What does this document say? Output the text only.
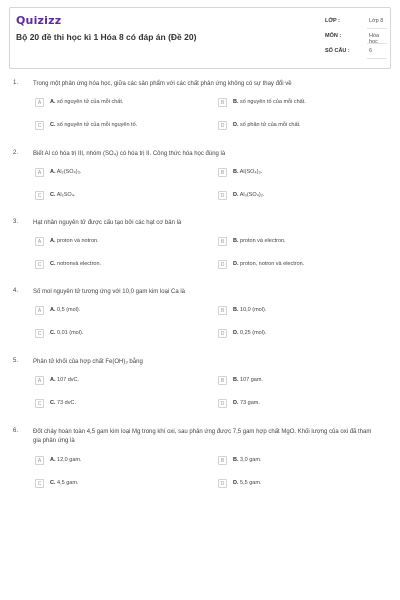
Quizizz
Bộ 20 đề thi học kì 1 Hóa 8 có đáp án (Đề 20)
LỚP :	Lớp 8
MÔN :	Hóa học
SỐ CÂU :	6
1. Trong một phản ứng hóa học, giữa các sản phẩm với các chất phản ứng không có sự thay đổi về
A	A. số nguyên tử của mỗi chất.	B	B. số nguyên tố của mỗi chất.
C	C. số nguyên tử của mỗi nguyên tố.	D	D. số phân tử của mỗi chất.
2. Biết Al có hóa trị III, nhóm (SO₄) có hóa trị II. Công thức hóa học đúng là
A	A. Al₂(SO₄)₃.	B	B. Al(SO₄)₃.
C	C. Al₂SO₄.	D	D. Al₃(SO₄)₂.
3. Hạt nhân nguyên tử được cấu tạo bởi các hạt cơ bản là
A	A. proton và notron.	B	B. proton và electron.
C	C. notronvà electron.	D	D. proton, notron và electron.
4. Số mol nguyên tử tương ứng với 10,0 gam kim loại Ca là
A	A. 0,5 (mol).	B	B. 10,0 (mol).
C	C. 0,01 (mol).	D	D. 0,25 (mol).
5. Phân tử khối của hợp chất Fe(OH)₃ bằng
A	A. 107 dvC.	B	B. 107 gam.
C	C. 73 dvC.	D	D. 73 gam.
6. Đốt cháy hoàn toàn 4,5 gam kim loại Mg trong khí oxi, sau phản ứng được 7,5 gam hợp chất MgO. Khối lượng của oxi đã tham gia phản ứng là
A	A. 12,0 gam.	B	B. 3,0 gam.
C	C. 4,5 gam.	D	D. 5,5 gam.
